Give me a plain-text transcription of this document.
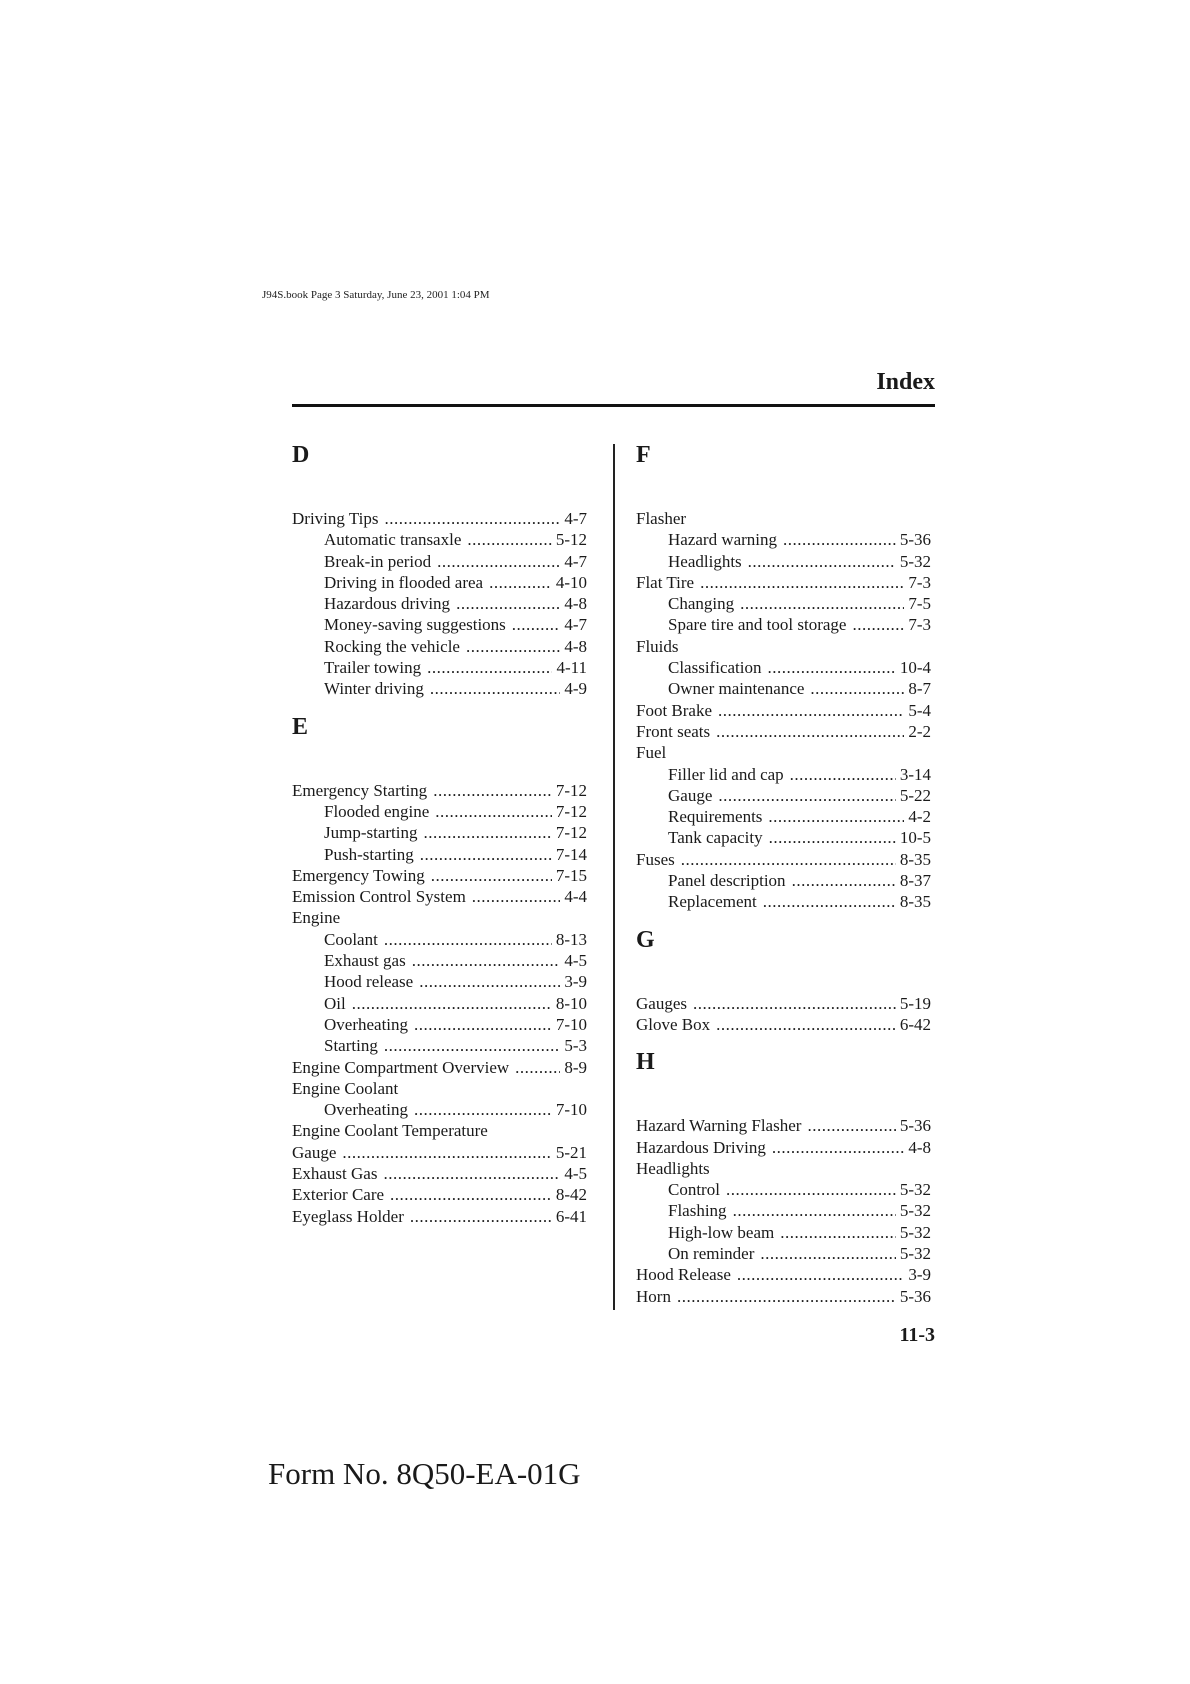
J94S.book Page 3 Saturday, June 23, 2001 1:04 PM
Index
D
Driving Tips .....	4-7
Automatic transaxle .....	5-12
Break-in period .....	4-7
Driving in flooded area .....	4-10
Hazardous driving .....	4-8
Money-saving suggestions .....	4-7
Rocking the vehicle .....	4-8
Trailer towing .....	4-11
Winter driving .....	4-9
E
Emergency Starting .....	7-12
Flooded engine .....	7-12
Jump-starting .....	7-12
Push-starting .....	7-14
Emergency Towing .....	7-15
Emission Control System .....	4-4
Engine
Coolant .....	8-13
Exhaust gas .....	4-5
Hood release .....	3-9
Oil .....	8-10
Overheating .....	7-10
Starting .....	5-3
Engine Compartment Overview .....	8-9
Engine Coolant
Overheating .....	7-10
Engine Coolant Temperature
Gauge .....	5-21
Exhaust Gas .....	4-5
Exterior Care .....	8-42
Eyeglass Holder .....	6-41
F
Flasher
Hazard warning .....	5-36
Headlights .....	5-32
Flat Tire .....	7-3
Changing .....	7-5
Spare tire and tool storage .....	7-3
Fluids
Classification .....	10-4
Owner maintenance .....	8-7
Foot Brake .....	5-4
Front seats .....	2-2
Fuel
Filler lid and cap .....	3-14
Gauge .....	5-22
Requirements .....	4-2
Tank capacity .....	10-5
Fuses .....	8-35
Panel description .....	8-37
Replacement .....	8-35
G
Gauges .....	5-19
Glove Box .....	6-42
H
Hazard Warning Flasher .....	5-36
Hazardous Driving .....	4-8
Headlights
Control .....	5-32
Flashing .....	5-32
High-low beam .....	5-32
On reminder .....	5-32
Hood Release .....	3-9
Horn .....	5-36
11-3
Form No. 8Q50-EA-01G
